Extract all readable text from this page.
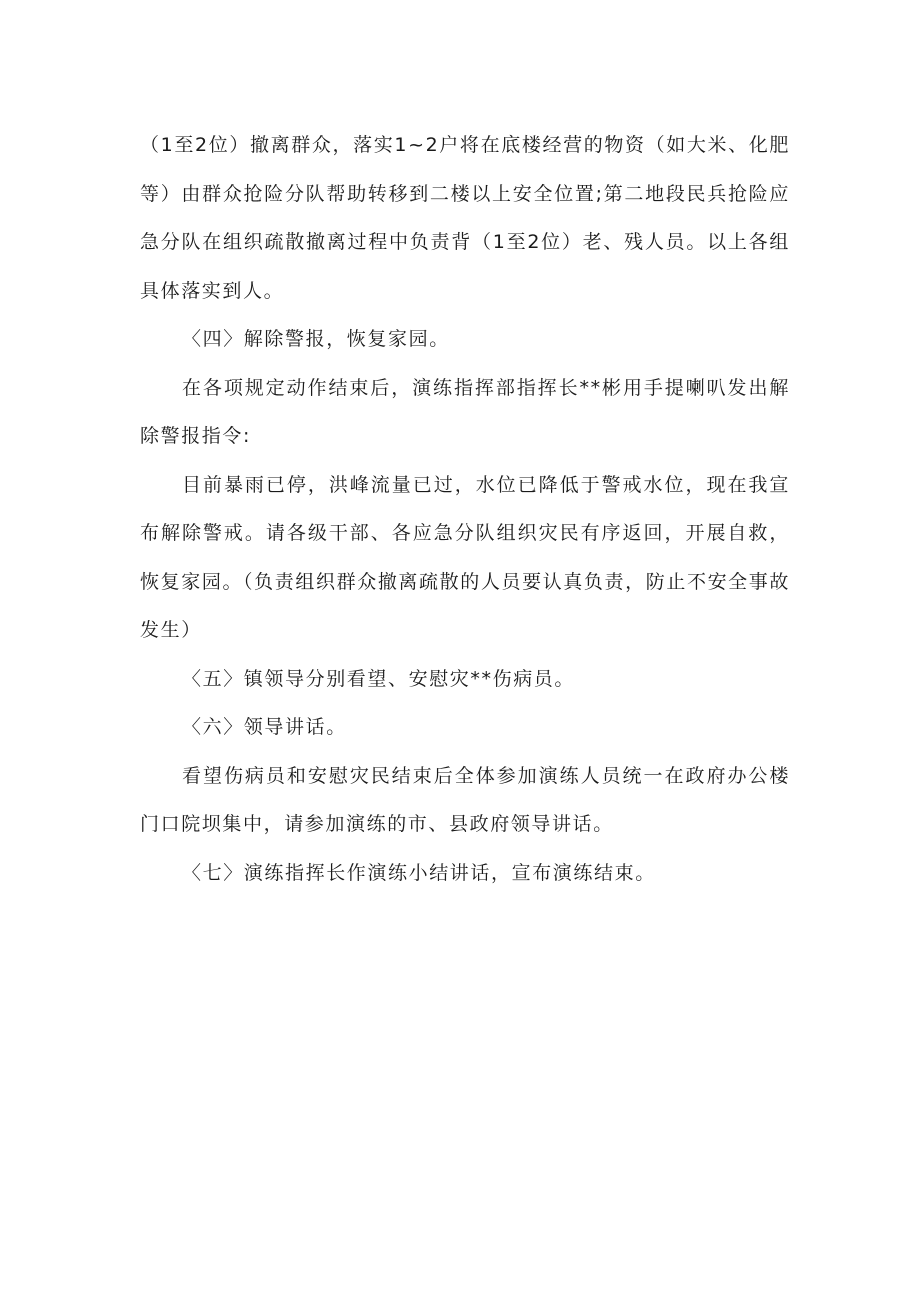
（1至2位）撤离群众，落实1~2户将在底楼经营的物资（如大米、化肥等）由群众抢险分队帮助转移到二楼以上安全位置;第二地段民兵抢险应急分队在组织疏散撤离过程中负责背（1至2位）老、残人员。以上各组具体落实到人。

〈四〉解除警报，恢复家园。

在各项规定动作结束后，演练指挥部指挥长**彬用手提喇叭发出解除警报指令:

目前暴雨已停，洪峰流量已过，水位已降低于警戒水位，现在我宣布解除警戒。请各级干部、各应急分队组织灾民有序返回，开展自救，恢复家园。（负责组织群众撤离疏散的人员要认真负责，防止不安全事故发生）

〈五〉镇领导分别看望、安慰灾**伤病员。

〈六〉领导讲话。

看望伤病员和安慰灾民结束后全体参加演练人员统一在政府办公楼门口院坝集中，请参加演练的市、县政府领导讲话。

〈七〉演练指挥长作演练小结讲话，宣布演练结束。
